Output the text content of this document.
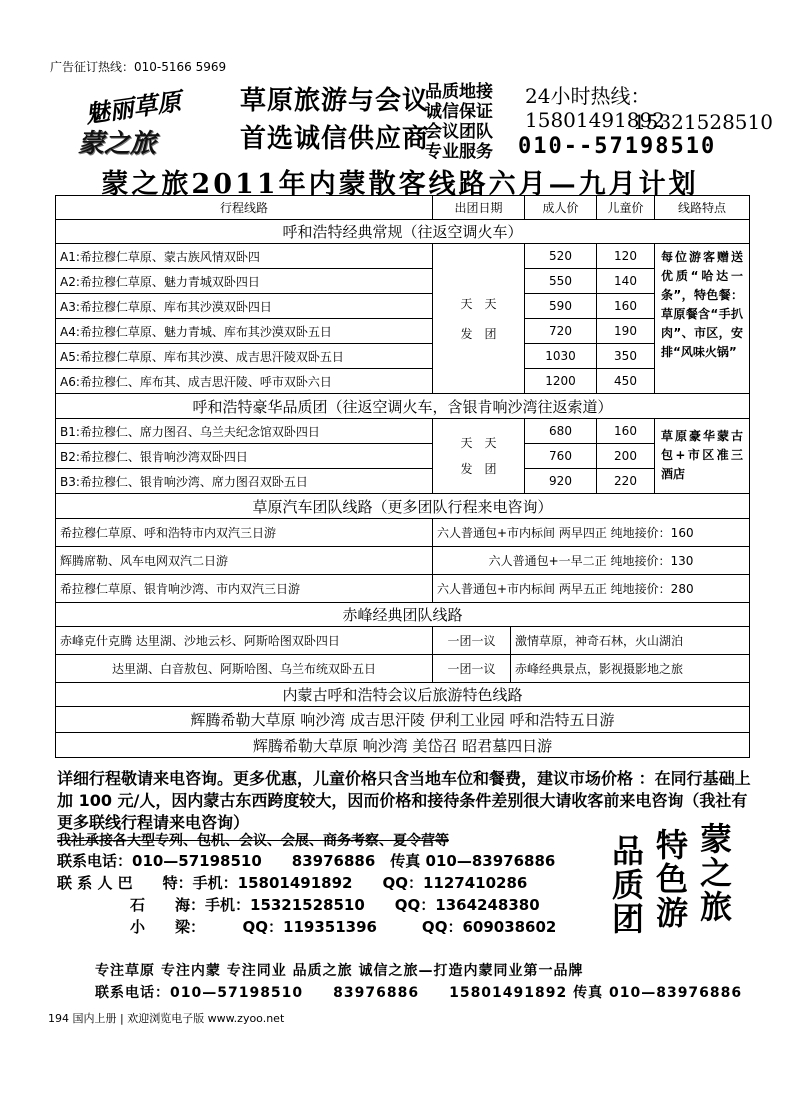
广告征订热线：010-5166 5969
魅丽草原
蒙之旅
草原旅游与会议
首选诚信供应商
品质地接
诚信保证
会议团队
专业服务
24小时热线：15801491892
15321528510
010--57198510
蒙之旅2011年内蒙散客线路六月—九月计划
行程线路	出团日期	成人价	儿童价	线路特点
呼和浩特经典常规（往返空调火车）
A1:希拉穆仁草原、蒙古族风情双卧四	520	120
A2:希拉穆仁草原、魅力青城双卧四日	550	140
A3:希拉穆仁草原、库布其沙漠双卧四日	590	160
A4:希拉穆仁草原、魅力青城、库布其沙漠双卧五日	720	190
A5:希拉穆仁草原、库布其沙漠、成吉思汗陵双卧五日	1030	350
A6:希拉穆仁、库布其、成吉思汗陵、呼市双卧六日	1200	450
天　天
发　团
每位游客赠送优质“哈达一条”，特色餐：草原餐含“手扒肉”、市区，安排“风味火锅”
呼和浩特豪华品质团（往返空调火车，含银肯响沙湾往返索道）
B1:希拉穆仁、席力图召、乌兰夫纪念馆双卧四日	680	160
B2:希拉穆仁、银肯响沙湾双卧四日	760	200
B3:希拉穆仁、银肯响沙湾、席力图召双卧五日	920	220
天　天
发　团
草原豪华蒙古包+市区准三酒店
草原汽车团队线路（更多团队行程来电咨询）
希拉穆仁草原、呼和浩特市内双汽三日游	六人普通包+市内标间 两早四正 纯地接价：160
辉腾席勒、风车电网双汽二日游	六人普通包+一早二正 纯地接价：130
希拉穆仁草原、银肯响沙湾、市内双汽三日游	六人普通包+市内标间 两早五正 纯地接价：280
赤峰经典团队线路
赤峰克什克腾 达里湖、沙地云杉、阿斯哈图双卧四日	一团一议	激情草原，神奇石林，火山湖泊
达里湖、白音敖包、阿斯哈图、乌兰布统双卧五日	一团一议	赤峰经典景点，影视摄影地之旅
内蒙古呼和浩特会议后旅游特色线路
辉腾希勒大草原 响沙湾 成吉思汗陵 伊利工业园 呼和浩特五日游
辉腾希勒大草原 响沙湾 美岱召 昭君墓四日游
详细行程敬请来电咨询。更多优惠，儿童价格只含当地车位和餐费，建议市场价格 ：在同行基础上加 100 元/人，因内蒙古东西跨度较大，因而价格和接待条件差别很大请收客前来电咨询（我社有更多联线行程请来电咨询）
我社承接各大型专列、包机、会议、会展、商务考察、夏令营等
联系电话：010—57198510　　83976886　传真 010—83976886
联 系 人 巴　　特：手机：15801491892　　QQ：1127410286
石　　海：手机：15321528510　　QQ：1364248380
小　　梁：　　　QQ：119351396　　　QQ：609038602
蒙
之
旅
特
色
游
品
质
团
专注草原 专注内蒙 专注同业 品质之旅 诚信之旅—打造内蒙同业第一品牌
联系电话：010—57198510　　83976886　　15801491892 传真 010—83976886
194 国内上册 | 欢迎浏览电子版 www.zyoo.net
